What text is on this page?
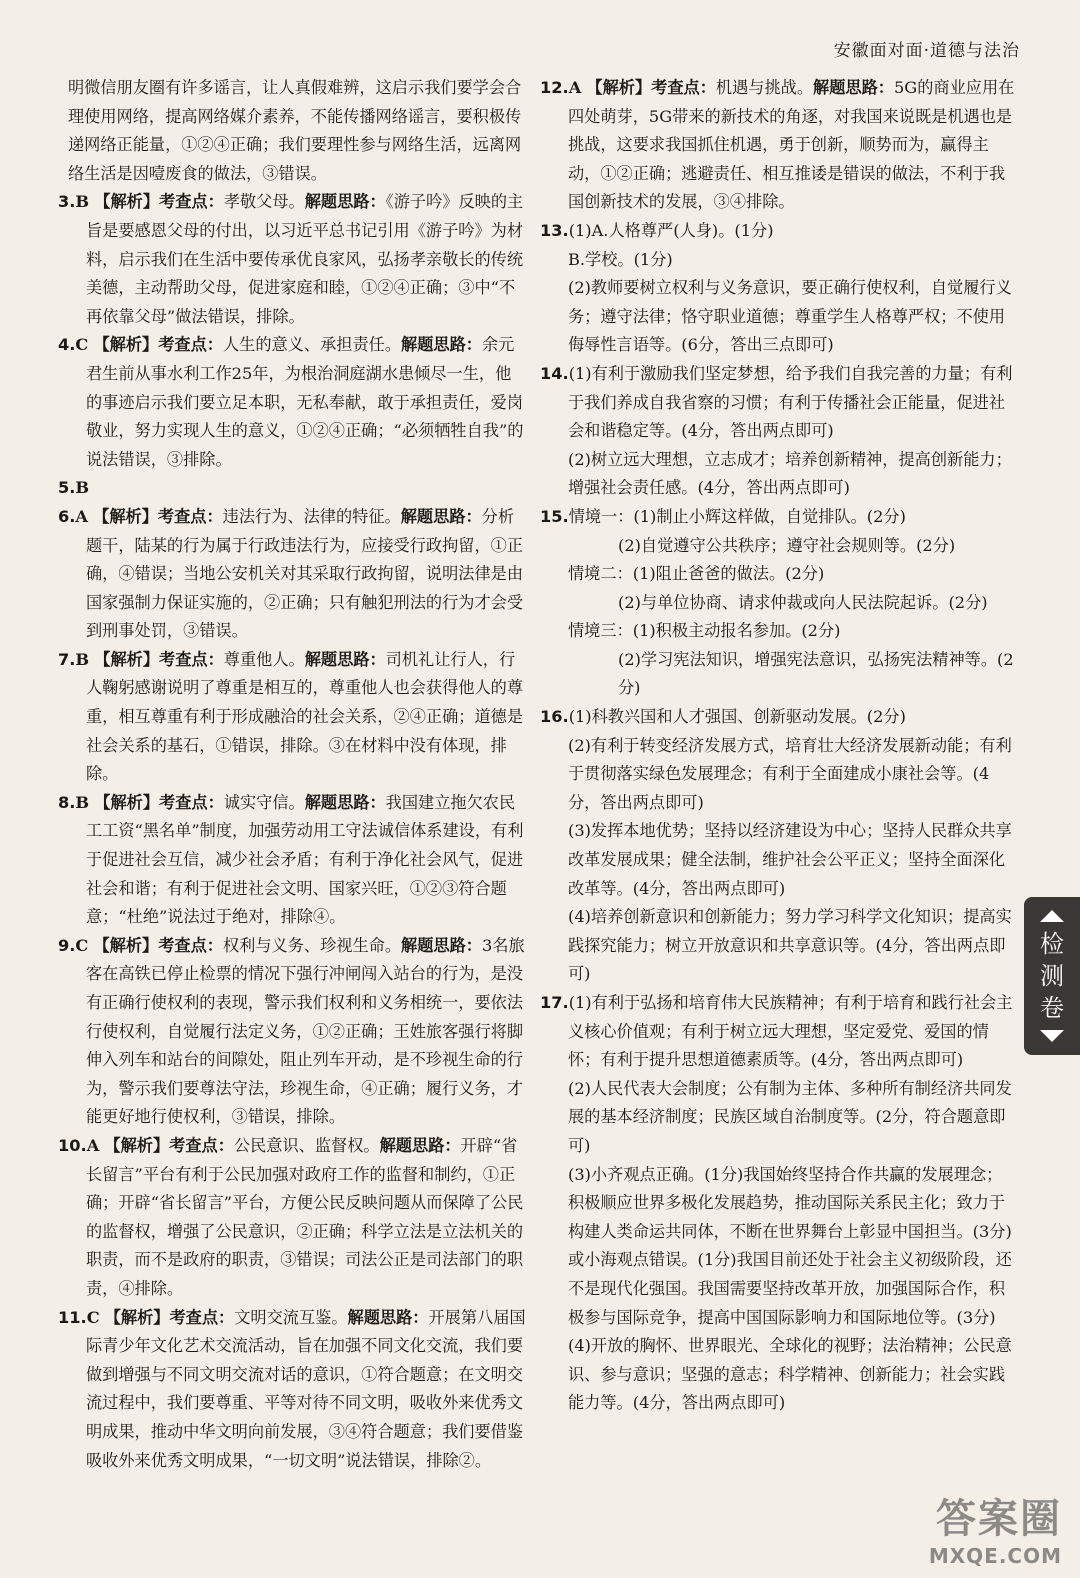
安徽面对面·道德与法治

明微信朋友圈有许多谣言，让人真假难辨，这启示我们要学会合理使用网络，提高网络媒介素养，不能传播网络谣言，要积极传递网络正能量，①②④正确；我们要理性参与网络生活，远离网络生活是因噎废食的做法，③错误。

3.B 【解析】考查点：孝敬父母。解题思路：《游子吟》反映的主旨是要感恩父母的付出，以习近平总书记引用《游子吟》为材料，启示我们在生活中要传承优良家风，弘扬孝亲敬长的传统美德，主动帮助父母，促进家庭和睦，①②④正确；③中“不再依靠父母”做法错误，排除。

4.C 【解析】考查点：人生的意义、承担责任。解题思路：余元君生前从事水利工作25年，为根治洞庭湖水患倾尽一生，他的事迹启示我们要立足本职，无私奉献，敢于承担责任，爱岗敬业，努力实现人生的意义，①②④正确；“必须牺牲自我”的说法错误，③排除。

5.B

6.A 【解析】考查点：违法行为、法律的特征。解题思路：分析题干，陆某的行为属于行政违法行为，应接受行政拘留，①正确，④错误；当地公安机关对其采取行政拘留，说明法律是由国家强制力保证实施的，②正确；只有触犯刑法的行为才会受到刑事处罚，③错误。

7.B 【解析】考查点：尊重他人。解题思路：司机礼让行人，行人鞠躬感谢说明了尊重是相互的，尊重他人也会获得他人的尊重，相互尊重有利于形成融洽的社会关系，②④正确；道德是社会关系的基石，①错误，排除。③在材料中没有体现，排除。

8.B 【解析】考查点：诚实守信。解题思路：我国建立拖欠农民工工资“黑名单”制度，加强劳动用工守法诚信体系建设，有利于促进社会互信，减少社会矛盾；有利于净化社会风气，促进社会和谐；有利于促进社会文明、国家兴旺，①②③符合题意；“杜绝”说法过于绝对，排除④。

9.C 【解析】考查点：权利与义务、珍视生命。解题思路：3名旅客在高铁已停止检票的情况下强行冲闸闯入站台的行为，是没有正确行使权利的表现，警示我们权利和义务相统一，要依法行使权利，自觉履行法定义务，①②正确；王姓旅客强行将脚伸入列车和站台的间隙处，阻止列车开动，是不珍视生命的行为，警示我们要尊法守法，珍视生命，④正确；履行义务，才能更好地行使权利，③错误，排除。

10.A 【解析】考查点：公民意识、监督权。解题思路：开辟“省长留言”平台有利于公民加强对政府工作的监督和制约，①正确；开辟“省长留言”平台，方便公民反映问题从而保障了公民的监督权，增强了公民意识，②正确；科学立法是立法机关的职责，而不是政府的职责，③错误；司法公正是司法部门的职责，④排除。

11.C 【解析】考查点：文明交流互鉴。解题思路：开展第八届国际青少年文化艺术交流活动，旨在加强不同文化交流，我们要做到增强与不同文明交流对话的意识，①符合题意；在文明交流过程中，我们要尊重、平等对待不同文明，吸收外来优秀文明成果，推动中华文明向前发展，③④符合题意；我们要借鉴吸收外来优秀文明成果，“一切文明”说法错误，排除②。

12.A 【解析】考查点：机遇与挑战。解题思路：5G的商业应用在四处萌芽，5G带来的新技术的角逐，对我国来说既是机遇也是挑战，这要求我国抓住机遇，勇于创新，顺势而为，赢得主动，①②正确；逃避责任、相互推诿是错误的做法，不利于我国创新技术的发展，③④排除。

13.(1)A.人格尊严(人身)。(1分)

B.学校。(1分)

(2)教师要树立权利与义务意识，要正确行使权利，自觉履行义务；遵守法律；恪守职业道德；尊重学生人格尊严权；不使用侮辱性言语等。(6分，答出三点即可)

14.(1)有利于激励我们坚定梦想，给予我们自我完善的力量；有利于我们养成自我省察的习惯；有利于传播社会正能量，促进社会和谐稳定等。(4分，答出两点即可)

(2)树立远大理想，立志成才；培养创新精神，提高创新能力；增强社会责任感。(4分，答出两点即可)

15.情境一：(1)制止小辉这样做，自觉排队。(2分)

(2)自觉遵守公共秩序；遵守社会规则等。(2分)

情境二：(1)阻止爸爸的做法。(2分)

(2)与单位协商、请求仲裁或向人民法院起诉。(2分)

情境三：(1)积极主动报名参加。(2分)

(2)学习宪法知识，增强宪法意识，弘扬宪法精神等。(2分)

16.(1)科教兴国和人才强国、创新驱动发展。(2分)

(2)有利于转变经济发展方式，培育壮大经济发展新动能；有利于贯彻落实绿色发展理念；有利于全面建成小康社会等。(4分，答出两点即可)

(3)发挥本地优势；坚持以经济建设为中心；坚持人民群众共享改革发展成果；健全法制，维护社会公平正义；坚持全面深化改革等。(4分，答出两点即可)

(4)培养创新意识和创新能力；努力学习科学文化知识；提高实践探究能力；树立开放意识和共享意识等。(4分，答出两点即可)

17.(1)有利于弘扬和培育伟大民族精神；有利于培育和践行社会主义核心价值观；有利于树立远大理想，坚定爱党、爱国的情怀；有利于提升思想道德素质等。(4分，答出两点即可)

(2)人民代表大会制度；公有制为主体、多种所有制经济共同发展的基本经济制度；民族区域自治制度等。(2分，符合题意即可)

(3)小齐观点正确。(1分)我国始终坚持合作共赢的发展理念；积极顺应世界多极化发展趋势，推动国际关系民主化；致力于构建人类命运共同体，不断在世界舞台上彰显中国担当。(3分)或小海观点错误。(1分)我国目前还处于社会主义初级阶段，还不是现代化强国。我国需要坚持改革开放，加强国际合作，积极参与国际竞争，提高中国国际影响力和国际地位等。(3分)

(4)开放的胸怀、世界眼光、全球化的视野；法治精神；公民意识、参与意识；坚强的意志；科学精神、创新能力；社会实践能力等。(4分，答出两点即可)

检
测
卷
答案圈
MXQE.COM
